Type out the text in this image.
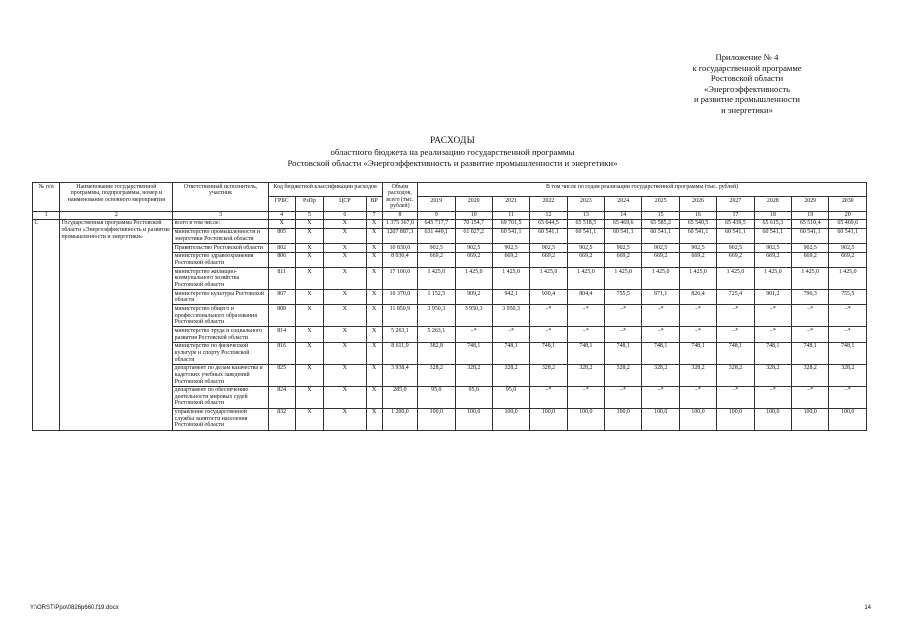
Приложение № 4
к государственной программе
Ростовской области
«Энергоэффективность
и развитие промышленности
и энергетики»
РАСХОДЫ
областного бюджета на реализацию государственной программы
Ростовской области «Энергоэффективность и развитие промышленности и энергетики»
№ п/п	Наименование государственной программы, подпрограммы, номер и наименование основного мероприятия	Ответственный исполнитель, участник	Код бюджетной классификации расходов				Объем расходов, всего (тыс. рублей)	В том числе по годам реализации государственной программы (тыс. рублей)											
			ГРБС	РзПр	ЦСР	ВР		2019	2020	2021	2022	2023	2024	2025	2026	2027	2028	2029	2030
1	2	3	4	5	6	7	8	9	10	11	12	13	14	15	16	17	18	19	20
1.	Государственная программа Ростовской области «Энергоэффективность и развитие промышленности и энергетики»	всего в том числе:	X	X	X	X	1 375 367,0	645 717,7	70 154,7	69 701,5	65 644,5	65 518,5	65 469,6	65 585,2	65 540,5	65 439,5	65 615,3	65 510,4	65 469,6
		министерство промышленности и энергетики Ростовской области	805	X	X	X	1207 887,3	631 449,1	61 027,2	60 541,1	60 541,1	60 541,1	60 541,1	60 541,1	60 541,1	60 541,1	60 541,1	60 541,1	60 541,1
		Правительство Ростовской области	802	X	X	X	10 830,0	902,5	902,5	902,5	902,5	902,5	902,5	902,5	902,5	902,5	902,5	902,5	902,5
		министерство здравоохранения Ростовской области	806	X	X	X	8 030,4	669,2	669,2	669,2	669,2	669,2	669,2	669,2	669,2	669,2	669,2	669,2	669,2
		министерство жилищно-коммунального хозяйства Ростовской области	811	X	X	X	17 100,0	1 425,0	1 425,0	1 425,0	1 425,0	1 425,0	1 425,0	1 425,0	1 425,0	1 425,0	1 425,0	1 425,0	1 425,0
		министерство культуры Ростовской области	807	X	X	X	10 370,0	1 152,5	909,2	942,1	930,4	804,4	755,5	871,1	826,4	725,4	901,2	796,3	755,5
		министерство общего и профессионального образования Ростовской области	808	X	X	X	11 850,9	3 950,3	3 950,3	3 950,3	–*	–*	–*	–*	–*	–*	–*	–*	–*
		министерство труда и социального развития Ростовской области	814	X	X	X	5 263,1	5 263,1	–*	–*	–*	–*	–*	–*	–*	–*	–*	–*	–*
		министерство по физической культуре и спорту Ростовской области	816	X	X	X	8 611,9	382,8	748,1	748,1	748,1	748,1	748,1	748,1	748,1	748,1	748,1	748,1	748,1
		департамент по делам казачества и кадетских учебных заведений Ростовской области	825	X	X	X	3 938,4	328,2	328,2	328,2	328,2	328,2	328,2	328,2	328,2	328,2	328,2	328,2	328,2
		департамент по обеспечению деятельности мировых судей Ростовской области	824	X	X	X	285,0	95,0	95,0	95,0	–*	–*	–*	–*	–*	–*	–*	–*	–*
		управление государственной службы занятости населения Ростовской области	832	X	X	X	1 200,0	100,0	100,0	100,0	100,0	100,0	100,0	100,0	100,0	100,0	100,0	100,0	100,0
Y:\ORST\Ppo\0826p660.f19.docx	14
